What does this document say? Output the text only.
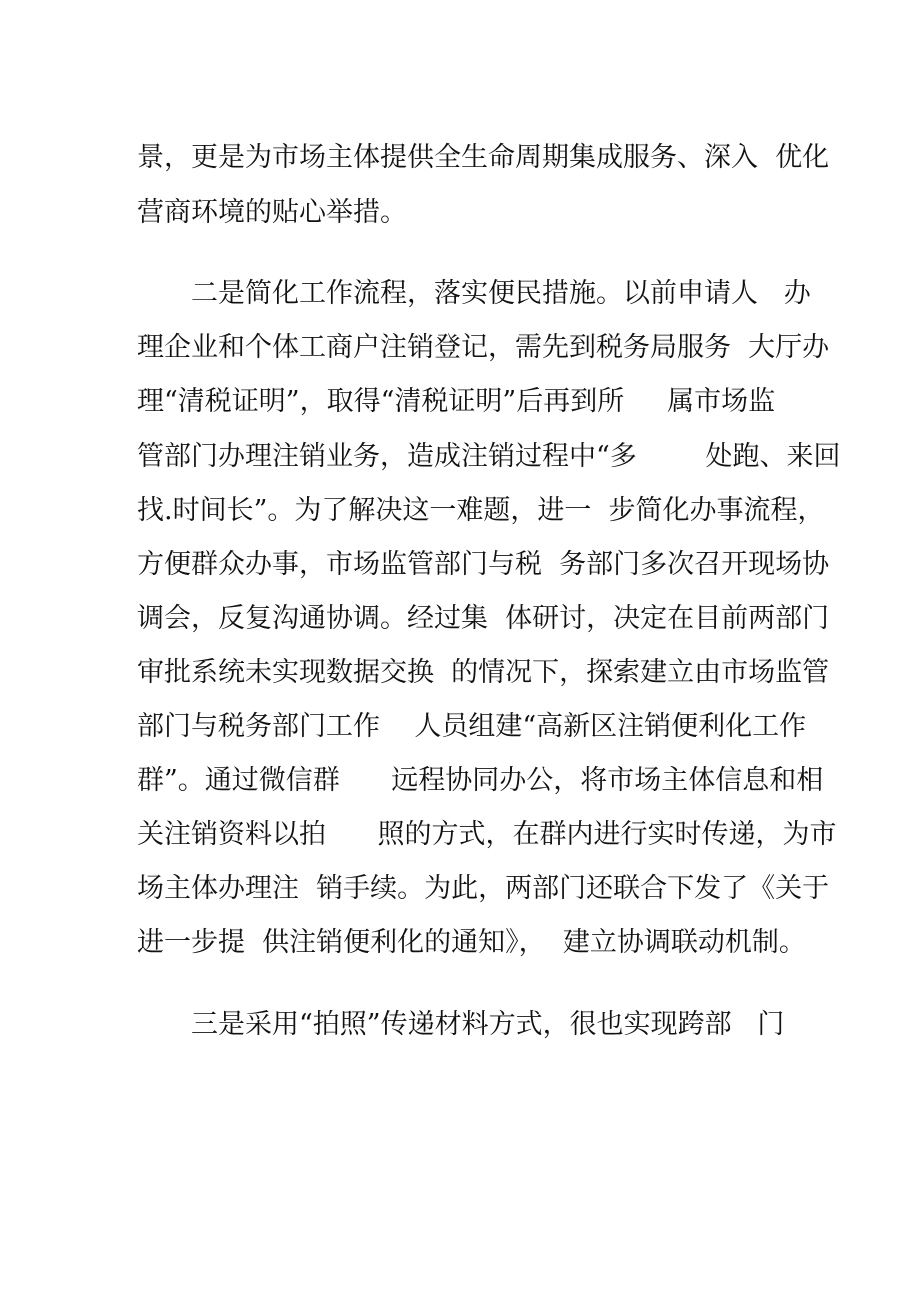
景，更是为市场主体提供全生命周期集成服务、深入  优化
营商环境的贴心举措。
二是简化工作流程，落实便民措施。以前申请人   办
理企业和个体工商户注销登记，需先到税务局服务  大厅办
理“清税证明”，取得“清税证明”后再到所     属市场监
管部门办理注销业务，造成注销过程中“多        处跑、来回
找.时间长”。为了解决这一难题，进一  步简化办事流程，
方便群众办事，市场监管部门与税  务部门多次召开现场协
调会，反复沟通协调。经过集  体研讨，决定在目前两部门
审批系统未实现数据交换  的情况下，探索建立由市场监管
部门与税务部门工作    人员组建“高新区注销便利化工作
群”。通过微信群      远程协同办公，将市场主体信息和相
关注销资料以拍      照的方式，在群内进行实时传递，为市
场主体办理注  销手续。为此，两部门还联合下发了《关于
进一步提  供注销便利化的通知》，  建立协调联动机制。
三是采用“拍照”传递材料方式，很也实现跨部   门
